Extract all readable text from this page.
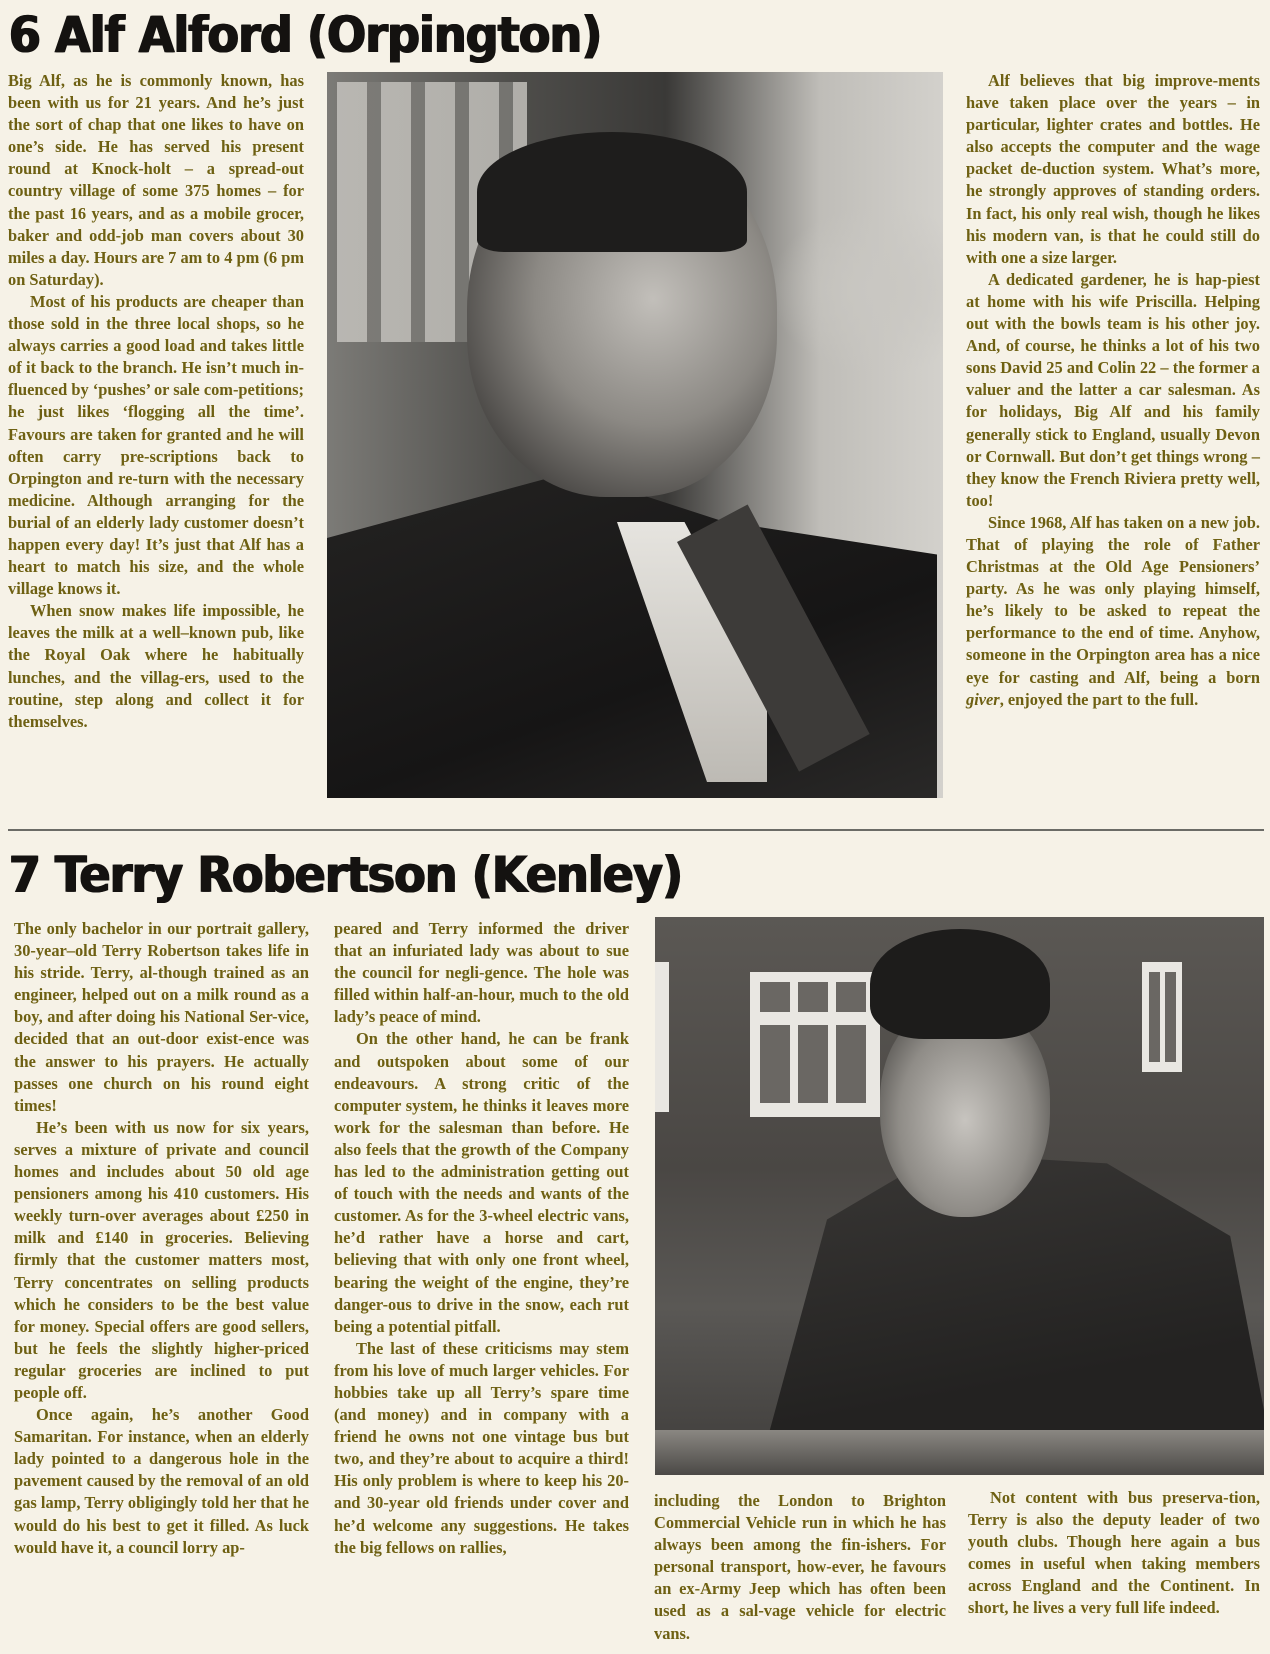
6 Alf Alford (Orpington)

Big Alf, as he is commonly known, has been with us for 21 years. And he’s just the sort of chap that one likes to have on one’s side. He has served his present round at Knock-holt – a spread-out country village of some 375 homes – for the past 16 years, and as a mobile grocer, baker and odd-job man covers about 30 miles a day. Hours are 7 am to 4 pm (6 pm on Saturday).

Most of his products are cheaper than those sold in the three local shops, so he always carries a good load and takes little of it back to the branch. He isn’t much in-fluenced by ‘pushes’ or sale com-petitions; he just likes ‘flogging all the time’. Favours are taken for granted and he will often carry pre-scriptions back to Orpington and re-turn with the necessary medicine. Although arranging for the burial of an elderly lady customer doesn’t happen every day! It’s just that Alf has a heart to match his size, and the whole village knows it.

When snow makes life impossible, he leaves the milk at a well–known pub, like the Royal Oak where he habitually lunches, and the villag-ers, used to the routine, step along and collect it for themselves.

Alf believes that big improve-ments have taken place over the years – in particular, lighter crates and bottles. He also accepts the computer and the wage packet de-duction system. What’s more, he strongly approves of standing orders. In fact, his only real wish, though he likes his modern van, is that he could still do with one a size larger.

A dedicated gardener, he is hap-piest at home with his wife Priscilla. Helping out with the bowls team is his other joy. And, of course, he thinks a lot of his two sons David 25 and Colin 22 – the former a valuer and the latter a car salesman. As for holidays, Big Alf and his family generally stick to England, usually Devon or Cornwall. But don’t get things wrong – they know the French Riviera pretty well, too!

Since 1968, Alf has taken on a new job. That of playing the role of Father Christmas at the Old Age Pensioners’ party. As he was only playing himself, he’s likely to be asked to repeat the performance to the end of time. Anyhow, someone in the Orpington area has a nice eye for casting and Alf, being a born giver, enjoyed the part to the full.

7 Terry Robertson (Kenley)

The only bachelor in our portrait gallery, 30-year–old Terry Robertson takes life in his stride. Terry, al-though trained as an engineer, helped out on a milk round as a boy, and after doing his National Ser-vice, decided that an out-door exist-ence was the answer to his prayers. He actually passes one church on his round eight times!

He’s been with us now for six years, serves a mixture of private and council homes and includes about 50 old age pensioners among his 410 customers. His weekly turn-over averages about £250 in milk and £140 in groceries. Believing firmly that the customer matters most, Terry concentrates on selling products which he considers to be the best value for money. Special offers are good sellers, but he feels the slightly higher-priced regular groceries are inclined to put people off.

Once again, he’s another Good Samaritan. For instance, when an elderly lady pointed to a dangerous hole in the pavement caused by the removal of an old gas lamp, Terry obligingly told her that he would do his best to get it filled. As luck would have it, a council lorry ap-

peared and Terry informed the driver that an infuriated lady was about to sue the council for negli-gence. The hole was filled within half-an-hour, much to the old lady’s peace of mind.

On the other hand, he can be frank and outspoken about some of our endeavours. A strong critic of the computer system, he thinks it leaves more work for the salesman than before. He also feels that the growth of the Company has led to the administration getting out of touch with the needs and wants of the customer. As for the 3-wheel electric vans, he’d rather have a horse and cart, believing that with only one front wheel, bearing the weight of the engine, they’re danger-ous to drive in the snow, each rut being a potential pitfall.

The last of these criticisms may stem from his love of much larger vehicles. For hobbies take up all Terry’s spare time (and money) and in company with a friend he owns not one vintage bus but two, and they’re about to acquire a third! His only problem is where to keep his 20- and 30-year old friends under cover and he’d welcome any suggestions. He takes the big fellows on rallies,

including the London to Brighton Commercial Vehicle run in which he has always been among the fin-ishers. For personal transport, how-ever, he favours an ex-Army Jeep which has often been used as a sal-vage vehicle for electric vans.

Not content with bus preserva-tion, Terry is also the deputy leader of two youth clubs. Though here again a bus comes in useful when taking members across England and the Continent. In short, he lives a very full life indeed.
